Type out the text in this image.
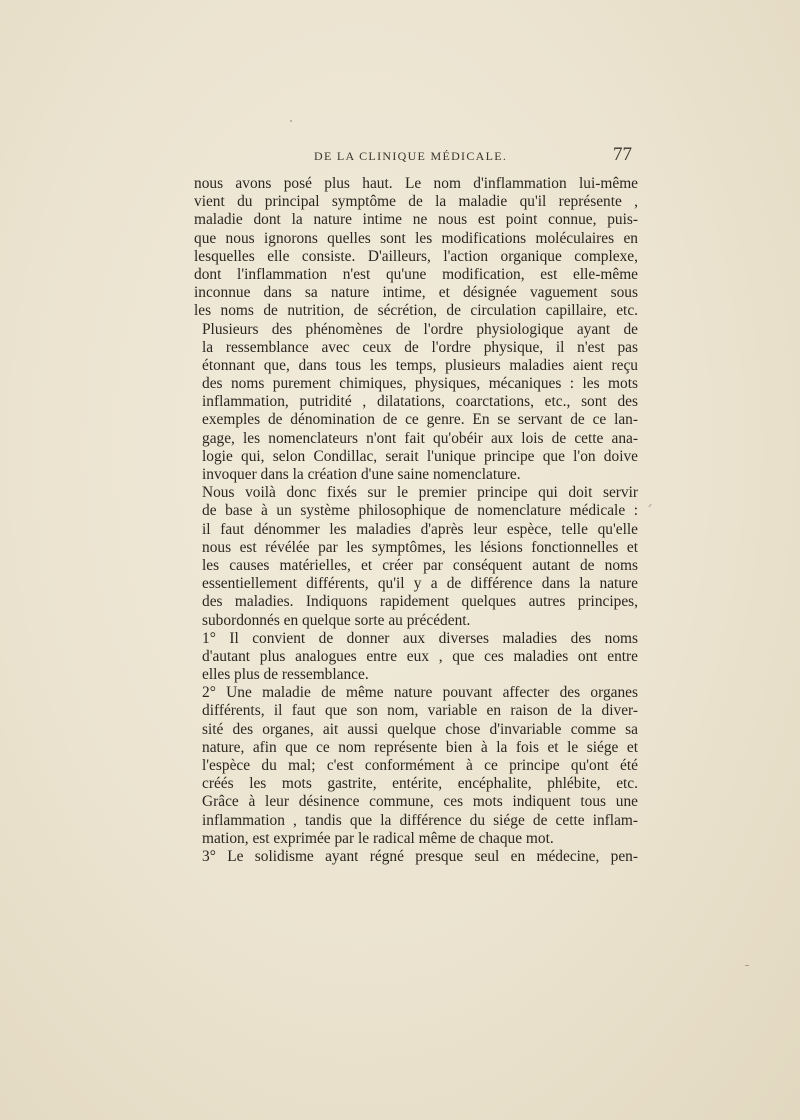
DE LA CLINIQUE MÉDICALE.	77

nous avons posé plus haut. Le nom d'inflammation lui-même
vient du principal symptôme de la maladie qu'il représente ,
maladie dont la nature intime ne nous est point connue, puis-
que nous ignorons quelles sont les modifications moléculaires en
lesquelles elle consiste. D'ailleurs, l'action organique complexe,
dont l'inflammation n'est qu'une modification, est elle-même
inconnue dans sa nature intime, et désignée vaguement sous
les noms de nutrition, de sécrétion, de circulation capillaire, etc.

Plusieurs des phénomènes de l'ordre physiologique ayant de
la ressemblance avec ceux de l'ordre physique, il n'est pas
étonnant que, dans tous les temps, plusieurs maladies aient reçu
des noms purement chimiques, physiques, mécaniques : les mots
inflammation, putridité , dilatations, coarctations, etc., sont des
exemples de dénomination de ce genre. En se servant de ce lan-
gage, les nomenclateurs n'ont fait qu'obéir aux lois de cette ana-
logie qui, selon Condillac, serait l'unique principe que l'on doive
invoquer dans la création d'une saine nomenclature.

Nous voilà donc fixés sur le premier principe qui doit servir
de base à un système philosophique de nomenclature médicale :
il faut dénommer les maladies d'après leur espèce, telle qu'elle
nous est révélée par les symptômes, les lésions fonctionnelles et
les causes matérielles, et créer par conséquent autant de noms
essentiellement différents, qu'il y a de différence dans la nature
des maladies. Indiquons rapidement quelques autres principes,
subordonnés en quelque sorte au précédent.

1° Il convient de donner aux diverses maladies des noms
d'autant plus analogues entre eux , que ces maladies ont entre
elles plus de ressemblance.

2° Une maladie de même nature pouvant affecter des organes
différents, il faut que son nom, variable en raison de la diver-
sité des organes, ait aussi quelque chose d'invariable comme sa
nature, afin que ce nom représente bien à la fois et le siége et
l'espèce du mal; c'est conformément à ce principe qu'ont été
créés les mots gastrite, entérite, encéphalite, phlébite, etc.
Grâce à leur désinence commune, ces mots indiquent tous une
inflammation , tandis que la différence du siége de cette inflam-
mation, est exprimée par le radical même de chaque mot.

3° Le solidisme ayant régné presque seul en médecine, pen-
